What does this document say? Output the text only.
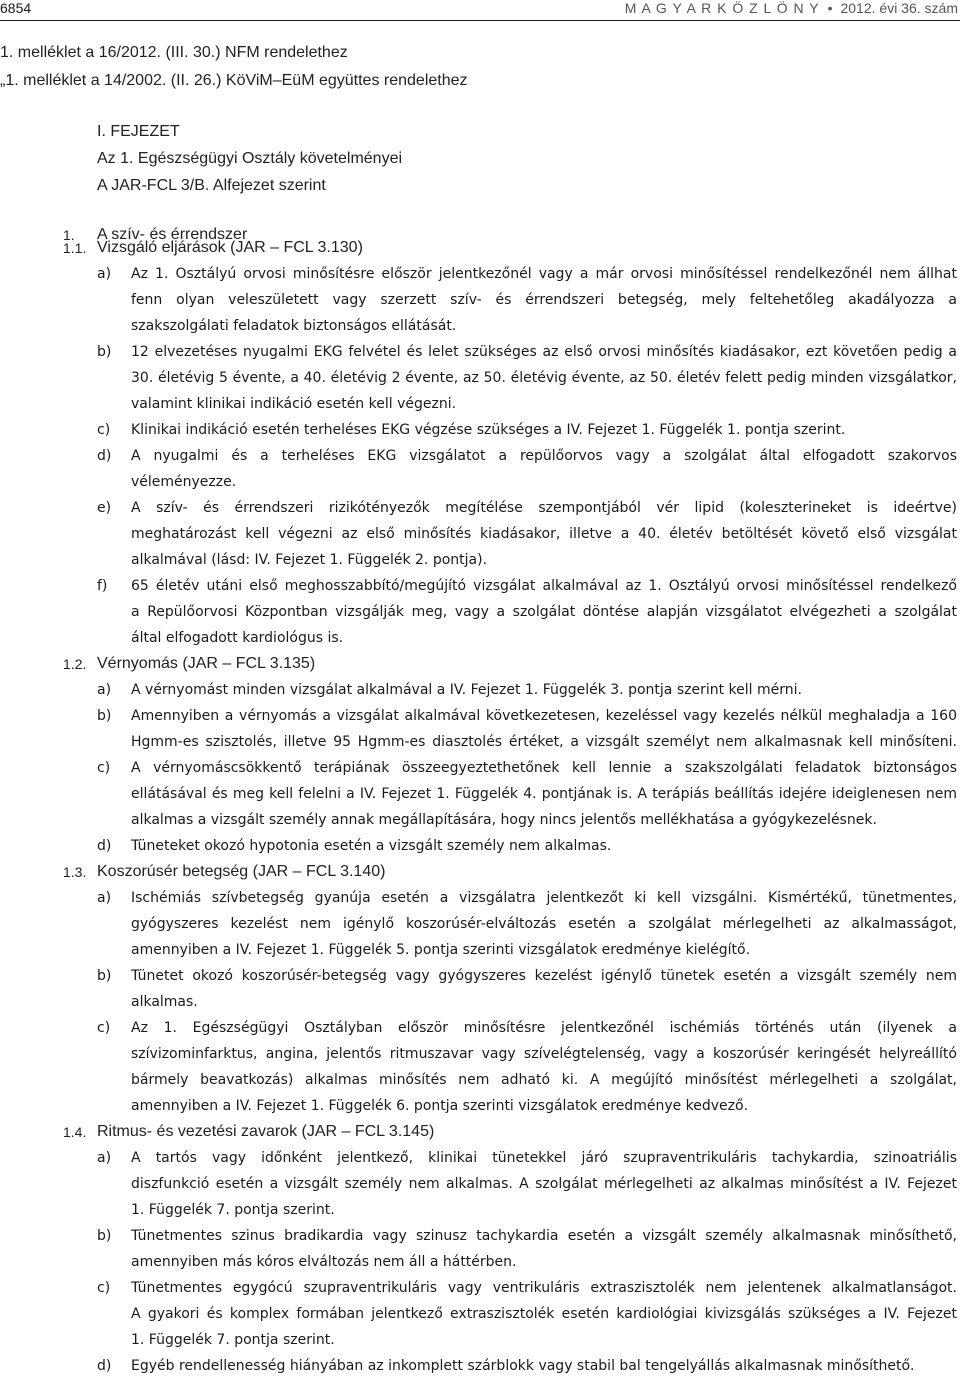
6854	M A G Y A R K Ö Z L Ö N Y • 2012. évi 36. szám
1. melléklet a 16/2012. (III. 30.) NFM rendelethez
„1. melléklet a 14/2002. (II. 26.) KöViM–EüM együttes rendelethez
I. FEJEZET
Az 1. Egészségügyi Osztály követelményei
A JAR-FCL 3/B. Alfejezet szerint
1. A szív- és érrendszer
1.1. Vizsgáló eljárások (JAR – FCL 3.130)
a) Az 1. Osztályú orvosi minősítésre először jelentkezőnél vagy a már orvosi minősítéssel rendelkezőnél nem állhat
fenn olyan veleszületett vagy szerzett szív- és érrendszeri betegség, mely feltehetőleg akadályozza a
szakszolgálati feladatok biztonságos ellátását.
b) 12 elvezetéses nyugalmi EKG felvétel és lelet szükséges az első orvosi minősítés kiadásakor, ezt követően pedig a
30. életévig 5 évente, a 40. életévig 2 évente, az 50. életévig évente, az 50. életév felett pedig minden vizsgálatkor,
valamint klinikai indikáció esetén kell végezni.
c) Klinikai indikáció esetén terheléses EKG végzése szükséges a IV. Fejezet 1. Függelék 1. pontja szerint.
d) A nyugalmi és a terheléses EKG vizsgálatot a repülőorvos vagy a szolgálat által elfogadott szakorvos
véleményezze.
e) A szív- és érrendszeri rizikótényezők megítélése szempontjából vér lipid (koleszterineket is ideértve)
meghatározást kell végezni az első minősítés kiadásakor, illetve a 40. életév betöltését követő első vizsgálat
alkalmával (lásd: IV. Fejezet 1. Függelék 2. pontja).
f) 65 életév utáni első meghosszabbító/megújító vizsgálat alkalmával az 1. Osztályú orvosi minősítéssel rendelkező
a Repülőorvosi Központban vizsgálják meg, vagy a szolgálat döntése alapján vizsgálatot elvégezheti a szolgálat
által elfogadott kardiológus is.
1.2. Vérnyomás (JAR – FCL 3.135)
a) A vérnyomást minden vizsgálat alkalmával a IV. Fejezet 1. Függelék 3. pontja szerint kell mérni.
b) Amennyiben a vérnyomás a vizsgálat alkalmával következetesen, kezeléssel vagy kezelés nélkül meghaladja a 160
Hgmm-es szisztolés, illetve 95 Hgmm-es diasztolés értéket, a vizsgált személyt nem alkalmasnak kell minősíteni.
c) A vérnyomáscsökkentő terápiának összeegyeztethetőnek kell lennie a szakszolgálati feladatok biztonságos
ellátásával és meg kell felelni a IV. Fejezet 1. Függelék 4. pontjának is. A terápiás beállítás idejére ideiglenesen nem
alkalmas a vizsgált személy annak megállapítására, hogy nincs jelentős mellékhatása a gyógykezelésnek.
d) Tüneteket okozó hypotonia esetén a vizsgált személy nem alkalmas.
1.3. Koszorúsér betegség (JAR – FCL 3.140)
a) Ischémiás szívbetegség gyanúja esetén a vizsgálatra jelentkezőt ki kell vizsgálni. Kismértékű, tünetmentes,
gyógyszeres kezelést nem igénylő koszorúsér-elváltozás esetén a szolgálat mérlegelheti az alkalmasságot,
amennyiben a IV. Fejezet 1. Függelék 5. pontja szerinti vizsgálatok eredménye kielégítő.
b) Tünetet okozó koszorúsér-betegség vagy gyógyszeres kezelést igénylő tünetek esetén a vizsgált személy nem
alkalmas.
c) Az 1. Egészségügyi Osztályban először minősítésre jelentkezőnél ischémiás történés után (ilyenek a
szívizominfarktus, angina, jelentős ritmuszavar vagy szívelégtelenség, vagy a koszorúsér keringését helyreállító
bármely beavatkozás) alkalmas minősítés nem adható ki. A megújító minősítést mérlegelheti a szolgálat,
amennyiben a IV. Fejezet 1. Függelék 6. pontja szerinti vizsgálatok eredménye kedvező.
1.4. Ritmus- és vezetési zavarok (JAR – FCL 3.145)
a) A tartós vagy időnként jelentkező, klinikai tünetekkel járó szupraventrikuláris tachykardia, szinoatriális
diszfunkció esetén a vizsgált személy nem alkalmas. A szolgálat mérlegelheti az alkalmas minősítést a IV. Fejezet
1. Függelék 7. pontja szerint.
b) Tünetmentes szinus bradikardia vagy szinusz tachykardia esetén a vizsgált személy alkalmasnak minősíthető,
amennyiben más kóros elváltozás nem áll a háttérben.
c) Tünetmentes egygócú szupraventrikuláris vagy ventrikuláris extraszisztolék nem jelentenek alkalmatlanságot.
A gyakori és komplex formában jelentkező extraszisztolék esetén kardiológiai kivizsgálás szükséges a IV. Fejezet
1. Függelék 7. pontja szerint.
d) Egyéb rendellenesség hiányában az inkomplett szárblokk vagy stabil bal tengelyállás alkalmasnak minősíthető.
